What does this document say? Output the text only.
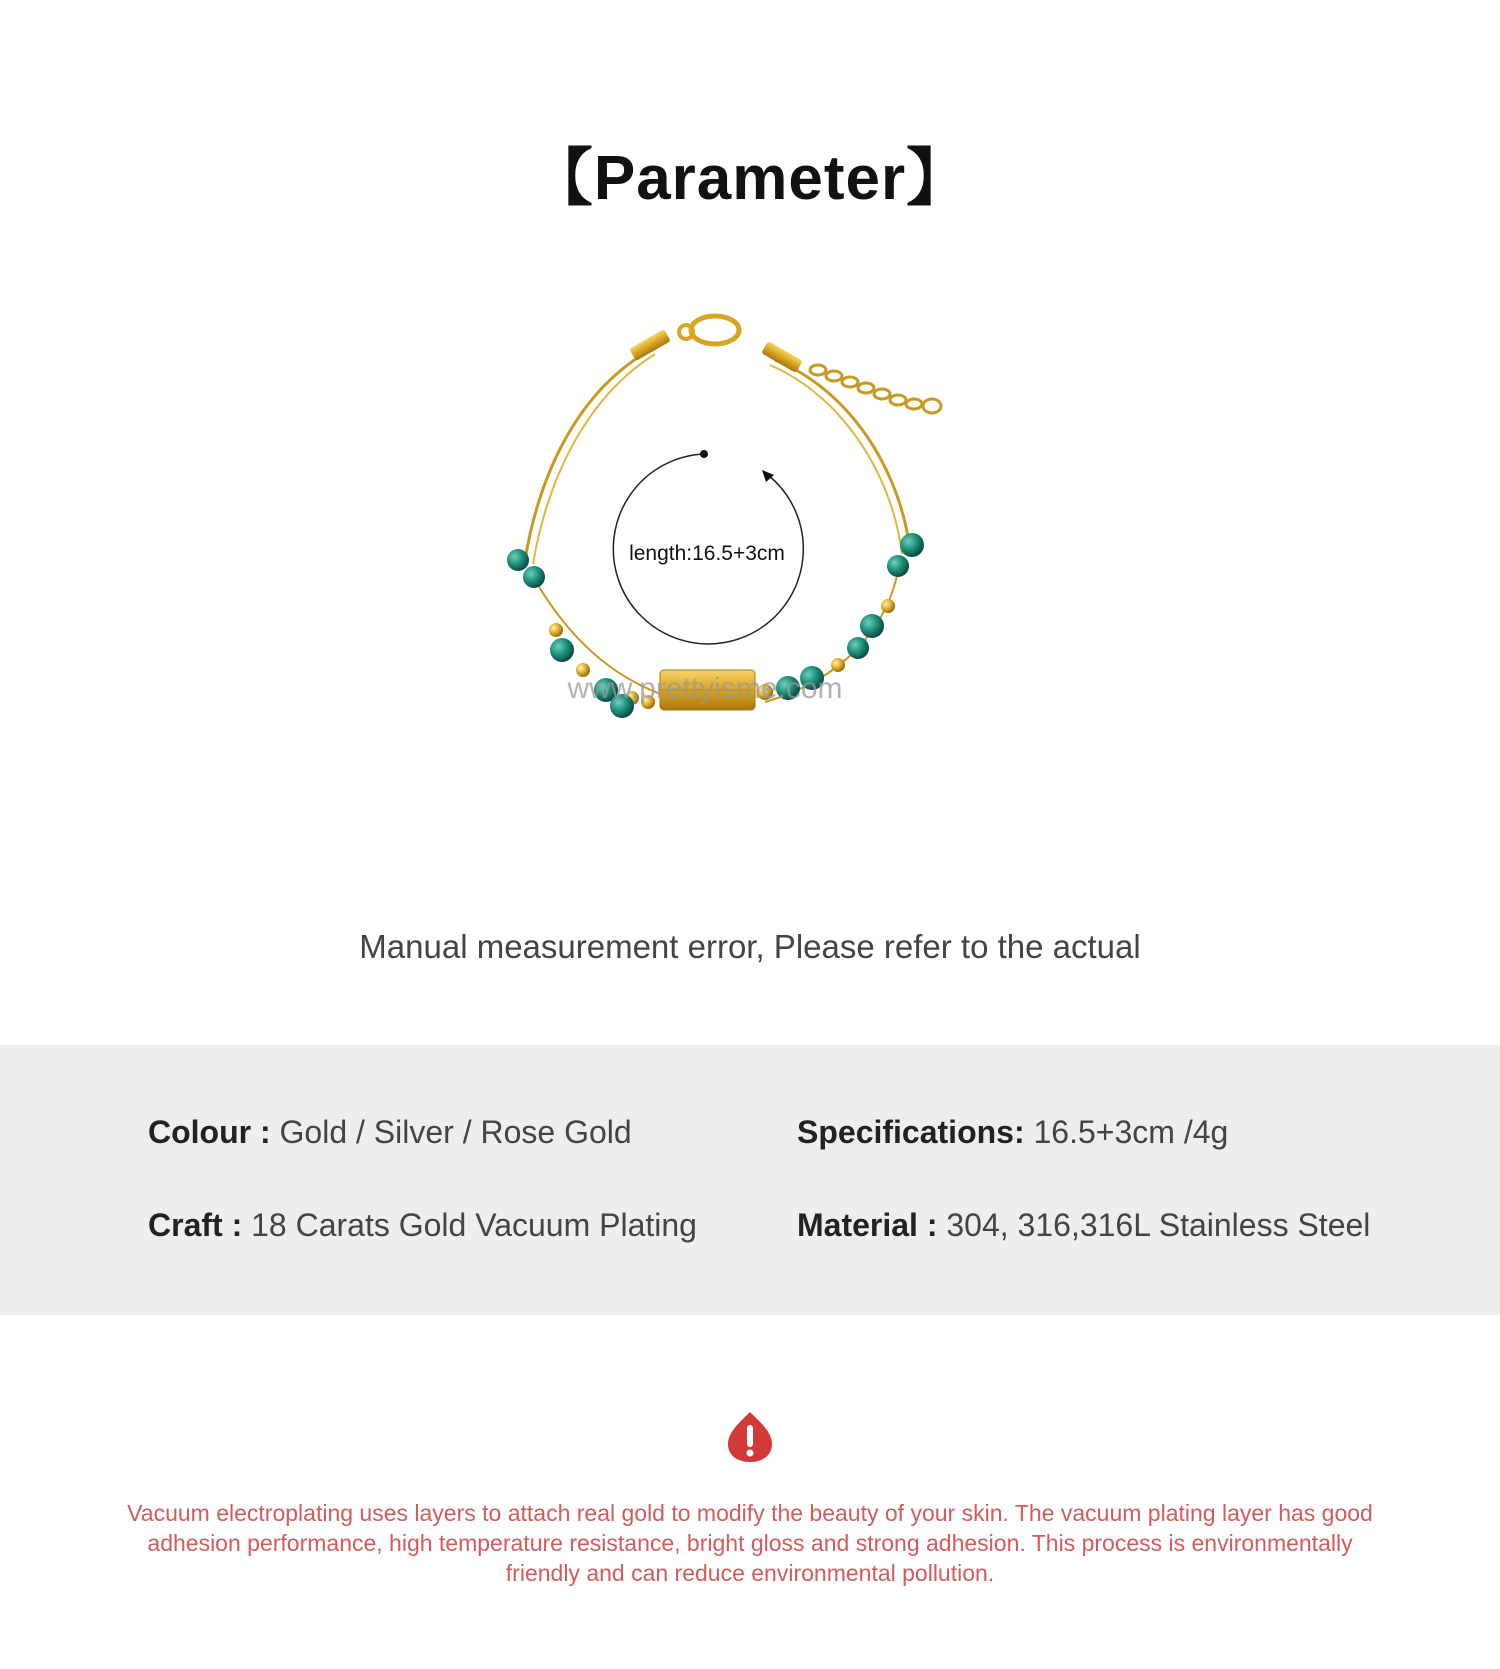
【Parameter】
length:16.5+3cm
www.prettyisme.com
Manual measurement error, Please refer to the actual
Colour : Gold / Silver / Rose Gold	Specifications: 16.5+3cm /4g
Craft : 18 Carats Gold Vacuum Plating	Material : 304, 316,316L Stainless Steel
Vacuum electroplating uses layers to attach real gold to modify the beauty of your skin. The vacuum plating layer has good adhesion performance, high temperature resistance, bright gloss and strong adhesion. This process is environmentally friendly and can reduce environmental pollution.
